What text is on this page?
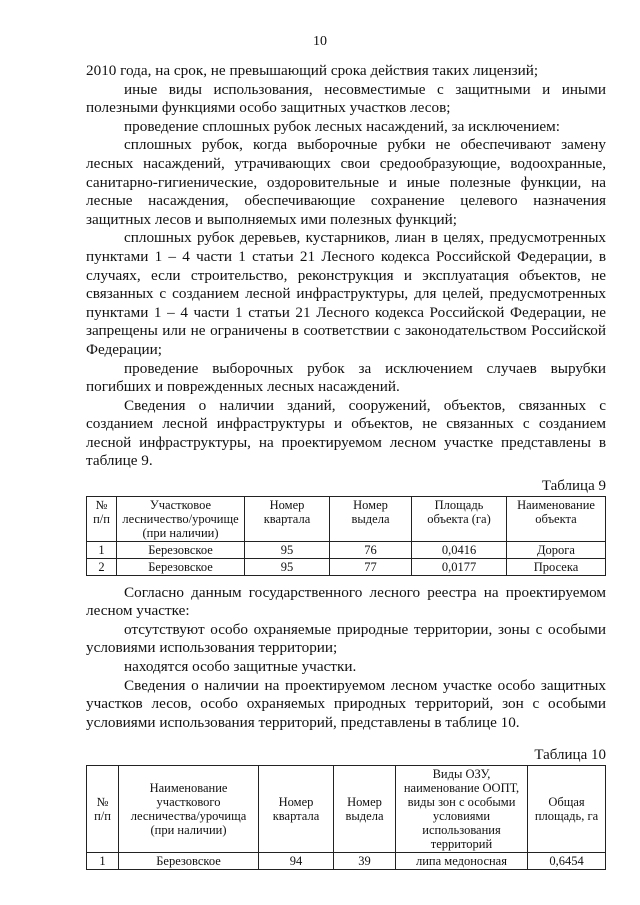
10

2010 года, на срок, не превышающий срока действия таких лицензий;

иные виды использования, несовместимые с защитными и иными полезными функциями особо защитных участков лесов;

проведение сплошных рубок лесных насаждений, за исключением:

сплошных рубок, когда выборочные рубки не обеспечивают замену лесных насаждений, утрачивающих свои средообразующие, водоохранные, санитарно-гигиенические, оздоровительные и иные полезные функции, на лесные насаждения, обеспечивающие сохранение целевого назначения защитных лесов и выполняемых ими полезных функций;

сплошных рубок деревьев, кустарников, лиан в целях, предусмотренных пунктами 1 – 4 части 1 статьи 21 Лесного кодекса Российской Федерации, в случаях, если строительство, реконструкция и эксплуатация объектов, не связанных с созданием лесной инфраструктуры, для целей, предусмотренных пунктами 1 – 4 части 1 статьи 21 Лесного кодекса Российской Федерации, не запрещены или не ограничены в соответствии с законодательством Российской Федерации;

проведение выборочных рубок за исключением случаев вырубки погибших и поврежденных лесных насаждений.

Сведения о наличии зданий, сооружений, объектов, связанных с созданием лесной инфраструктуры и объектов, не связанных с созданием лесной инфраструктуры, на проектируемом лесном участке представлены в таблице 9.

Таблица 9
№ п/п	Участковое лесничество/урочище (при наличии)	Номер квартала	Номер выдела	Площадь объекта (га)	Наименование объекта
1	Березовское	95	76	0,0416	Дорога
2	Березовское	95	77	0,0177	Просека

Согласно данным государственного лесного реестра на проектируемом лесном участке:

отсутствуют особо охраняемые природные территории, зоны с особыми условиями использования территории;

находятся особо защитные участки.

Сведения о наличии на проектируемом лесном участке особо защитных участков лесов, особо охраняемых природных территорий, зон с особыми условиями использования территорий, представлены в таблице 10.

Таблица 10
№ п/п	Наименование участкового лесничества/урочища (при наличии)	Номер квартала	Номер выдела	Виды ОЗУ, наименование ООПТ, виды зон с особыми условиями использования территорий	Общая площадь, га
1	Березовское	94	39	липа медоносная	0,6454
